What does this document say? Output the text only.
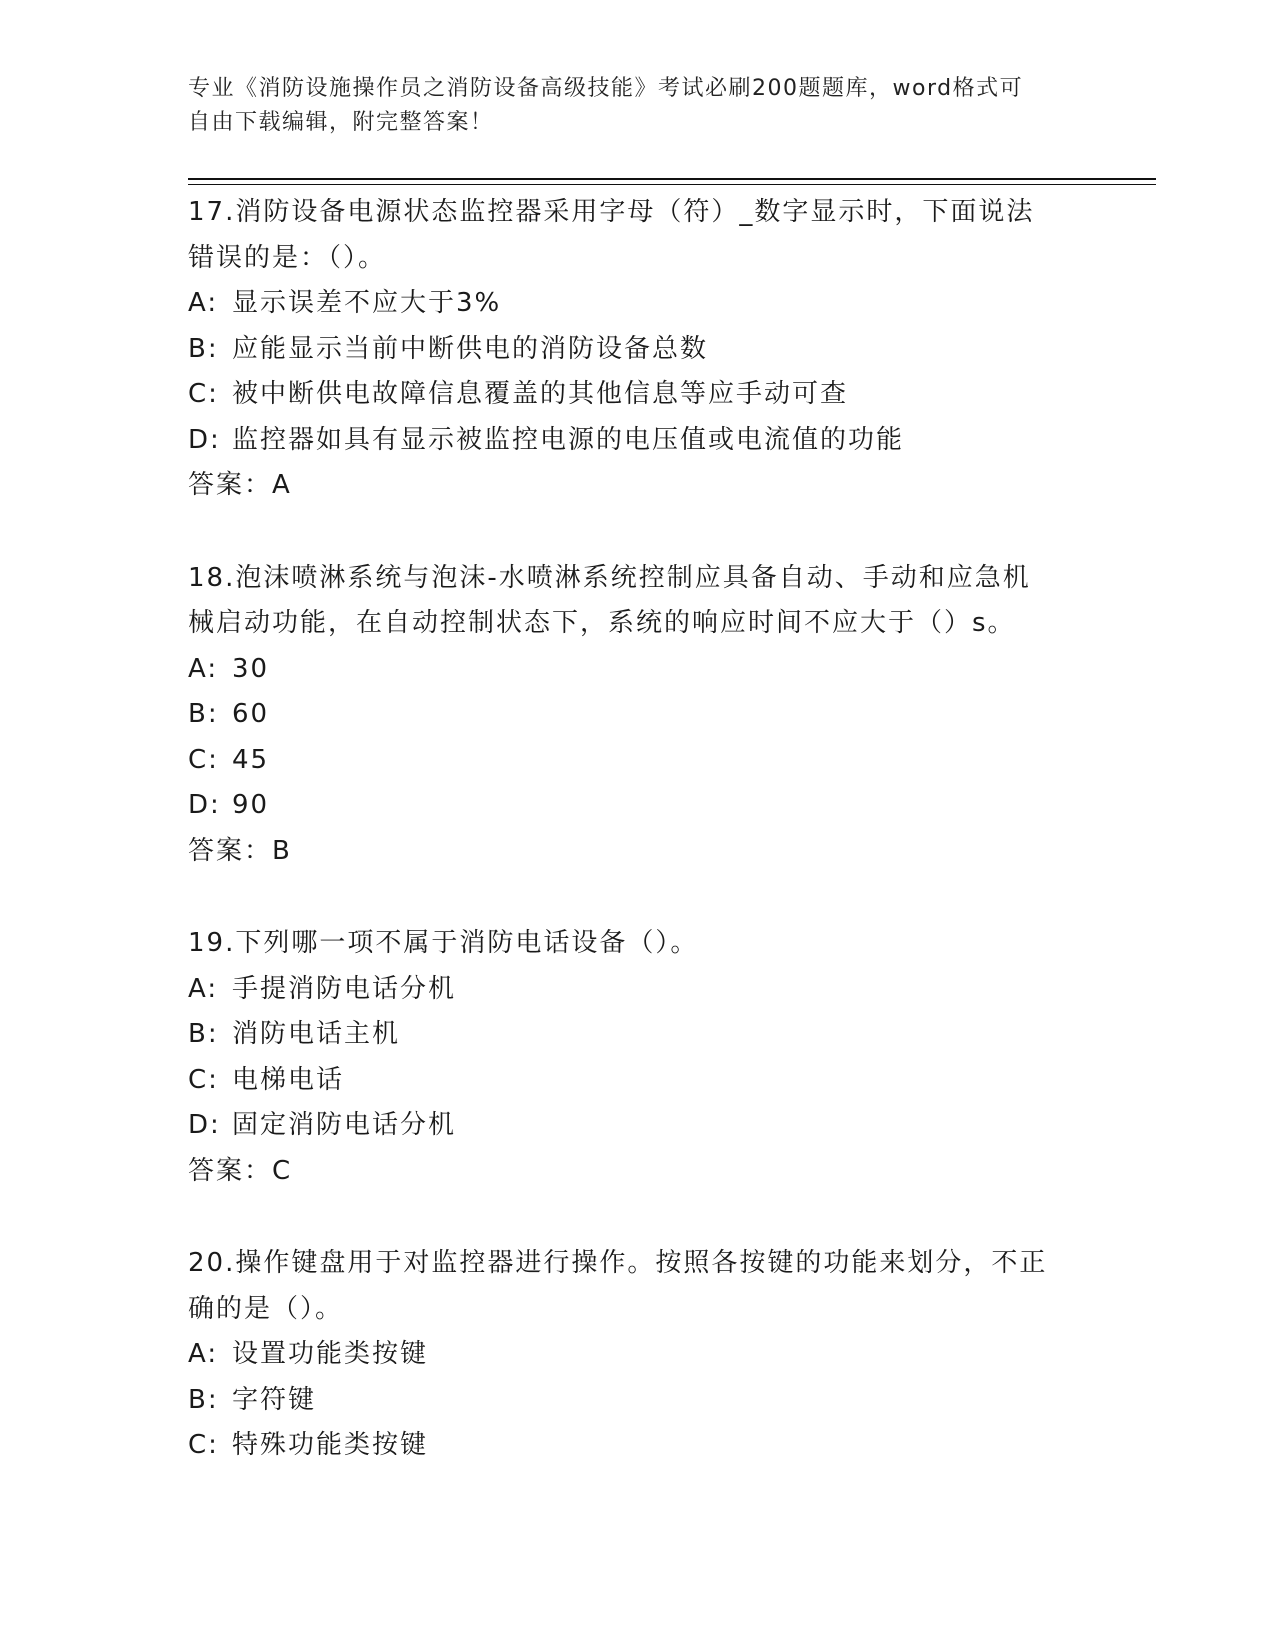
专业《消防设施操作员之消防设备高级技能》考试必刷200题题库，word格式可
自由下载编辑，附完整答案！
17.消防设备电源状态监控器采用字母（符）_数字显示时，下面说法
错误的是：（）。
A: 显示误差不应大于3%
B: 应能显示当前中断供电的消防设备总数
C: 被中断供电故障信息覆盖的其他信息等应手动可查
D: 监控器如具有显示被监控电源的电压值或电流值的功能
答案：A
18.泡沫喷淋系统与泡沫-水喷淋系统控制应具备自动、手动和应急机
械启动功能，在自动控制状态下，系统的响应时间不应大于（）s。
A: 30
B: 60
C: 45
D: 90
答案：B
19.下列哪一项不属于消防电话设备（）。
A: 手提消防电话分机
B: 消防电话主机
C: 电梯电话
D: 固定消防电话分机
答案：C
20.操作键盘用于对监控器进行操作。按照各按键的功能来划分，不正
确的是（）。
A: 设置功能类按键
B: 字符键
C: 特殊功能类按键
